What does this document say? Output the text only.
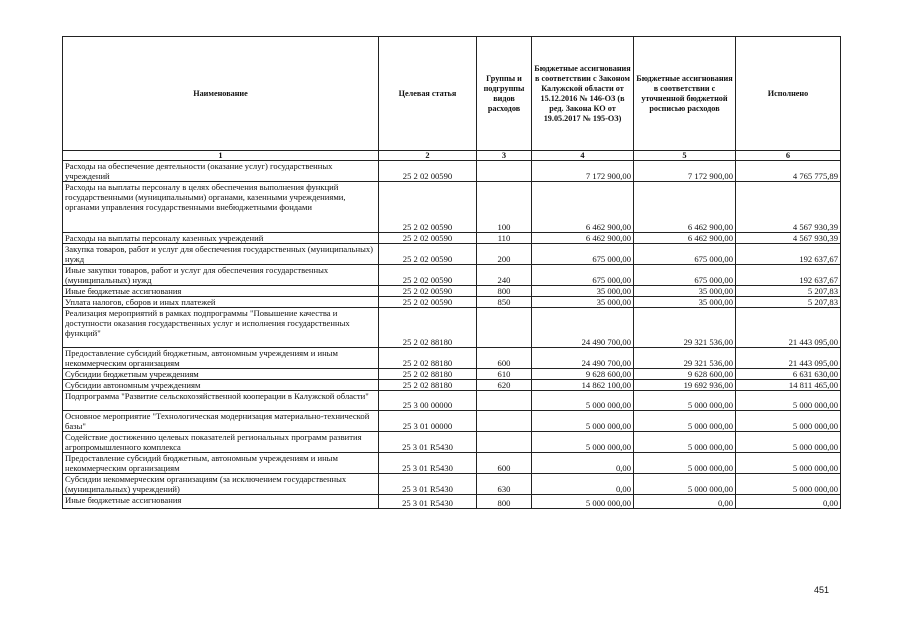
Наименование	Целевая статья	Группы и подгруппы видов расходов	Бюджетные ассигнования в соответствии с Законом Калужской области от 15.12.2016 № 146-ОЗ (в ред. Закона КО от 19.05.2017 № 195-ОЗ)	Бюджетные ассигнования в соответствии с уточненной бюджетной росписью расходов	Исполнено
1	2	3	4	5	6
Расходы на обеспечение деятельности (оказание услуг) государственных учреждений	25 2 02 00590		7 172 900,00	7 172 900,00	4 765 775,89
Расходы на выплаты персоналу в целях обеспечения выполнения функций государственными (муниципальными) органами, казенными учреждениями, органами управления государственными внебюджетными фондами	25 2 02 00590	100	6 462 900,00	6 462 900,00	4 567 930,39
Расходы на выплаты персоналу казенных учреждений	25 2 02 00590	110	6 462 900,00	6 462 900,00	4 567 930,39
Закупка товаров, работ и услуг для обеспечения государственных (муниципальных) нужд	25 2 02 00590	200	675 000,00	675 000,00	192 637,67
Иные закупки товаров, работ и услуг для обеспечения государственных (муниципальных) нужд	25 2 02 00590	240	675 000,00	675 000,00	192 637,67
Иные бюджетные ассигнования	25 2 02 00590	800	35 000,00	35 000,00	5 207,83
Уплата налогов, сборов и иных платежей	25 2 02 00590	850	35 000,00	35 000,00	5 207,83
Реализация мероприятий в рамках подпрограммы "Повышение качества и доступности оказания государственных услуг и исполнения государственных функций"	25 2 02 88180		24 490 700,00	29 321 536,00	21 443 095,00
Предоставление субсидий бюджетным, автономным учреждениям и иным некоммерческим организациям	25 2 02 88180	600	24 490 700,00	29 321 536,00	21 443 095,00
Субсидии бюджетным учреждениям	25 2 02 88180	610	9 628 600,00	9 628 600,00	6 631 630,00
Субсидии автономным учреждениям	25 2 02 88180	620	14 862 100,00	19 692 936,00	14 811 465,00
Подпрограмма "Развитие сельскохозяйственной кооперации в Калужской области"	25 3 00 00000		5 000 000,00	5 000 000,00	5 000 000,00
Основное мероприятие "Технологическая модернизация материально-технической базы"	25 3 01 00000		5 000 000,00	5 000 000,00	5 000 000,00
Содействие достижению целевых показателей региональных программ развития агропромышленного комплекса	25 3 01 R5430		5 000 000,00	5 000 000,00	5 000 000,00
Предоставление субсидий бюджетным, автономным учреждениям и иным некоммерческим организациям	25 3 01 R5430	600	0,00	5 000 000,00	5 000 000,00
Субсидии некоммерческим организациям (за исключением государственных (муниципальных) учреждений)	25 3 01 R5430	630	0,00	5 000 000,00	5 000 000,00
Иные бюджетные ассигнования	25 3 01 R5430	800	5 000 000,00	0,00	0,00
451
